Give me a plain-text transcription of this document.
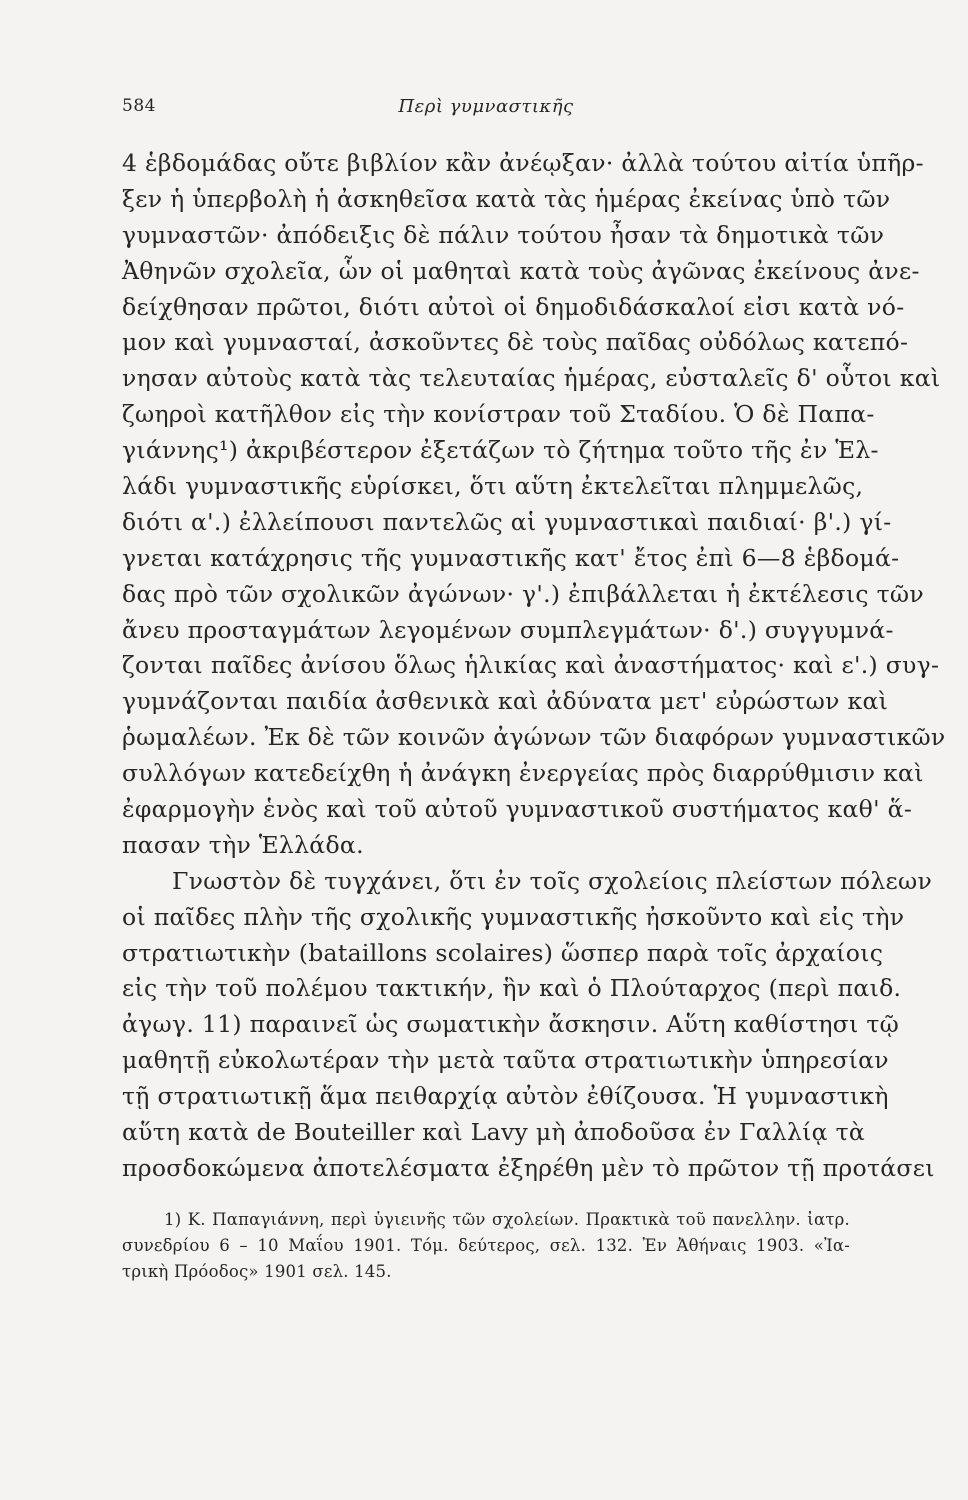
584	Περὶ γυμναστικῆς
4 ἑβδομάδας οὔτε βιβλίον κἂν ἀνέῳξαν· ἀλλὰ τούτου αἰτία ὑπῆρ-
ξεν ἡ ὑπερβολὴ ἡ ἀσκηθεῖσα κατὰ τὰς ἡμέρας ἐκείνας ὑπὸ τῶν
γυμναστῶν· ἀπόδειξις δὲ πάλιν τούτου ἦσαν τὰ δημοτικὰ τῶν
Ἀθηνῶν σχολεῖα, ὧν οἱ μαθηταὶ κατὰ τοὺς ἀγῶνας ἐκείνους ἀνε-
δείχθησαν πρῶτοι, διότι αὐτοὶ οἱ δημοδιδάσκαλοί εἰσι κατὰ νό-
μον καὶ γυμνασταί, ἀσκοῦντες δὲ τοὺς παῖδας οὐδόλως κατεπό-
νησαν αὐτοὺς κατὰ τὰς τελευταίας ἡμέρας, εὐσταλεῖς δ' οὗτοι καὶ
ζωηροὶ κατῆλθον εἰς τὴν κονίστραν τοῦ Σταδίου. Ὁ δὲ Παπα-
γιάννης¹) ἀκριβέστερον ἐξετάζων τὸ ζήτημα τοῦτο τῆς ἐν Ἑλ-
λάδι γυμναστικῆς εὑρίσκει, ὅτι αὕτη ἐκτελεῖται πλημμελῶς,
διότι α'.) ἐλλείπουσι παντελῶς αἱ γυμναστικαὶ παιδιαί· β'.) γί-
γνεται κατάχρησις τῆς γυμναστικῆς κατ' ἔτος ἐπὶ 6—8 ἑβδομά-
δας πρὸ τῶν σχολικῶν ἀγώνων· γ'.) ἐπιβάλλεται ἡ ἐκτέλεσις τῶν
ἄνευ προσταγμάτων λεγομένων συμπλεγμάτων· δ'.) συγγυμνά-
ζονται παῖδες ἀνίσου ὅλως ἡλικίας καὶ ἀναστήματος· καὶ ε'.) συγ-
γυμνάζονται παιδία ἀσθενικὰ καὶ ἀδύνατα μετ' εὐρώστων καὶ
ῥωμαλέων. Ἐκ δὲ τῶν κοινῶν ἀγώνων τῶν διαφόρων γυμναστικῶν
συλλόγων κατεδείχθη ἡ ἀνάγκη ἐνεργείας πρὸς διαρρύθμισιν καὶ
ἐφαρμογὴν ἑνὸς καὶ τοῦ αὐτοῦ γυμναστικοῦ συστήματος καθ' ἅ-
πασαν τὴν Ἑλλάδα.
Γνωστὸν δὲ τυγχάνει, ὅτι ἐν τοῖς σχολείοις πλείστων πόλεων
οἱ παῖδες πλὴν τῆς σχολικῆς γυμναστικῆς ἠσκοῦντο καὶ εἰς τὴν
στρατιωτικὴν (bataillons scolaires) ὥσπερ παρὰ τοῖς ἀρχαίοις
εἰς τὴν τοῦ πολέμου τακτικήν, ἣν καὶ ὁ Πλούταρχος (περὶ παιδ.
ἀγωγ. 11) παραινεῖ ὡς σωματικὴν ἄσκησιν. Αὕτη καθίστησι τῷ
μαθητῇ εὐκολωτέραν τὴν μετὰ ταῦτα στρατιωτικὴν ὑπηρεσίαν
τῇ στρατιωτικῇ ἅμα πειθαρχίᾳ αὐτὸν ἐθίζουσα. Ἡ γυμναστικὴ
αὕτη κατὰ de Bouteiller καὶ Lavy μὴ ἀποδοῦσα ἐν Γαλλίᾳ τὰ
προσδοκώμενα ἀποτελέσματα ἐξηρέθη μὲν τὸ πρῶτον τῇ προτάσει
1) Κ. Παπαγιάννη, περὶ ὑγιεινῆς τῶν σχολείων. Πρακτικὰ τοῦ πανελλην. ἰατρ.
συνεδρίου 6 – 10 Μαΐου 1901. Τόμ. δεύτερος, σελ. 132. Ἐν Ἀθήναις 1903. «Ἰα-
τρικὴ Πρόοδος» 1901 σελ. 145.
